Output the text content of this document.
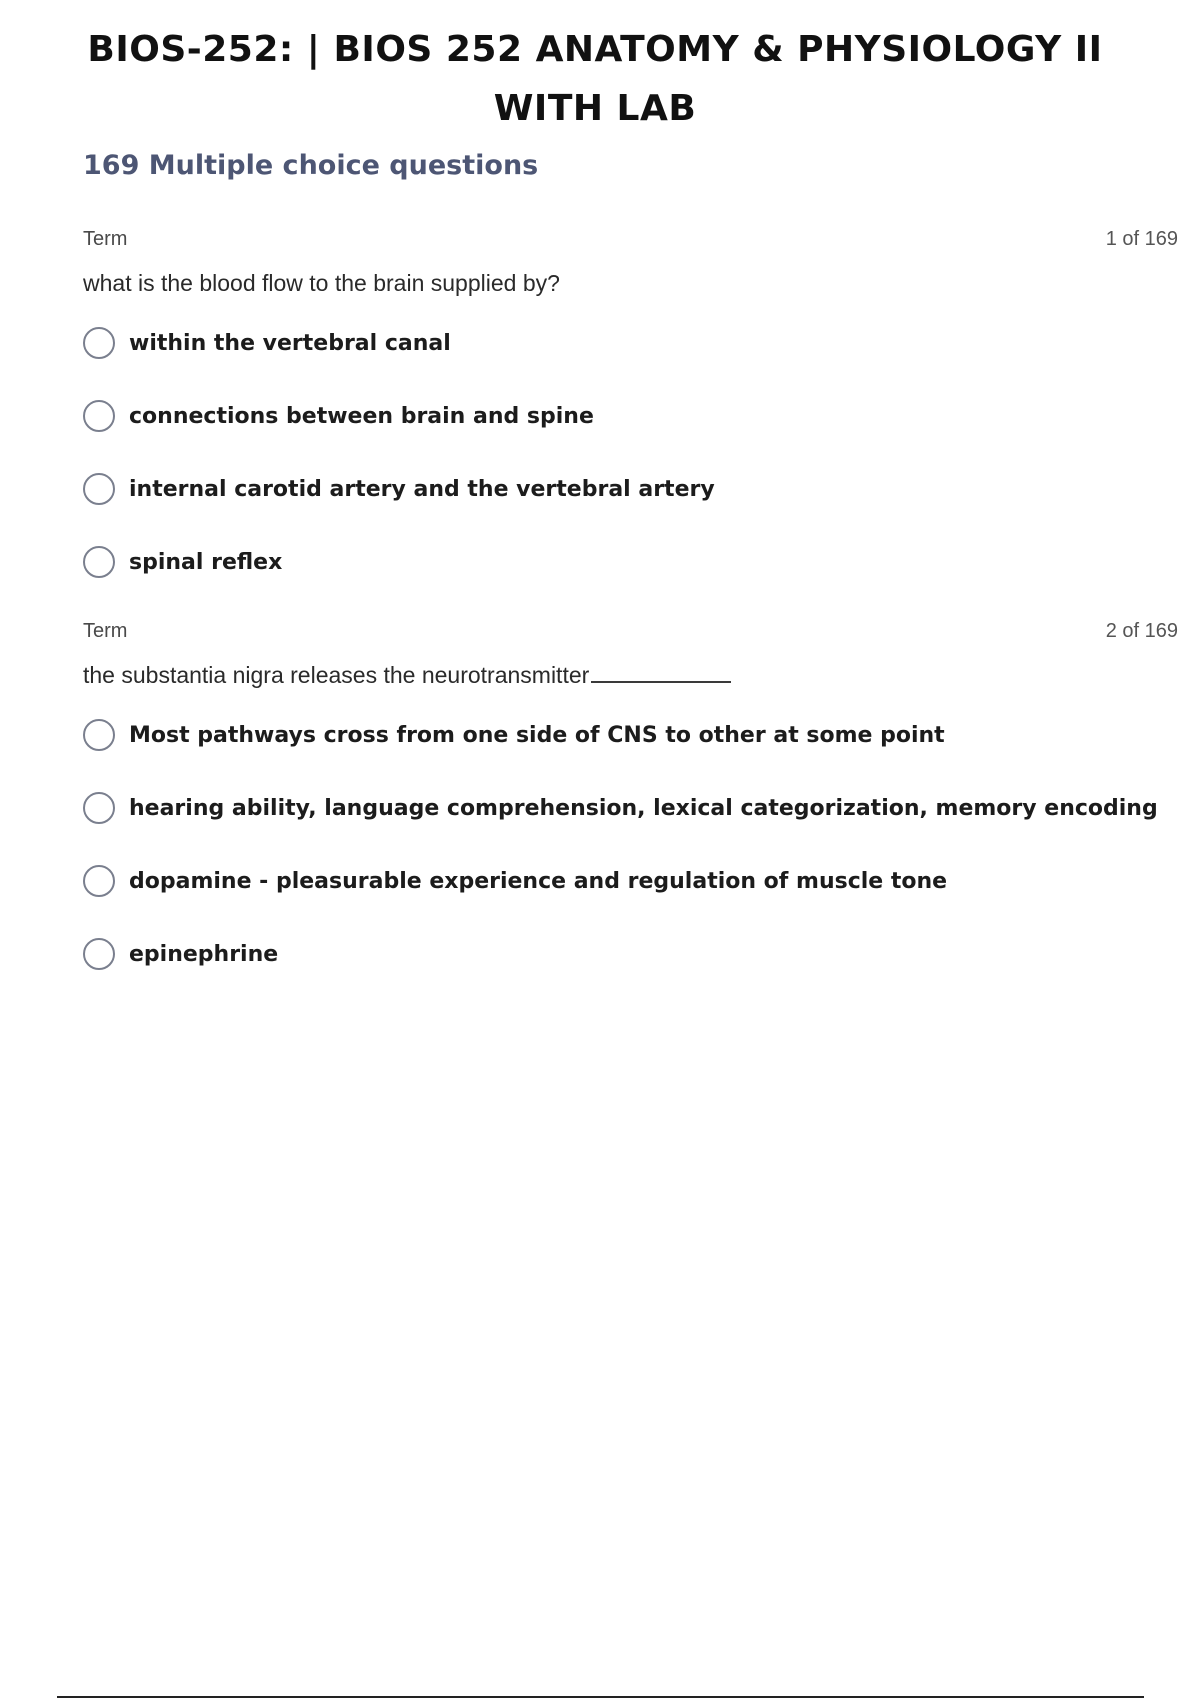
BIOS-252: | BIOS 252 ANATOMY & PHYSIOLOGY II WITH LAB
169 Multiple choice questions
Term	1 of 169
what is the blood flow to the brain supplied by?
within the vertebral canal
connections between brain and spine
internal carotid artery and the vertebral artery
spinal reflex
Term	2 of 169
the substantia nigra releases the neurotransmitter
Most pathways cross from one side of CNS to other at some point
hearing ability, language comprehension, lexical categorization, memory encoding
dopamine - pleasurable experience and regulation of muscle tone
epinephrine
